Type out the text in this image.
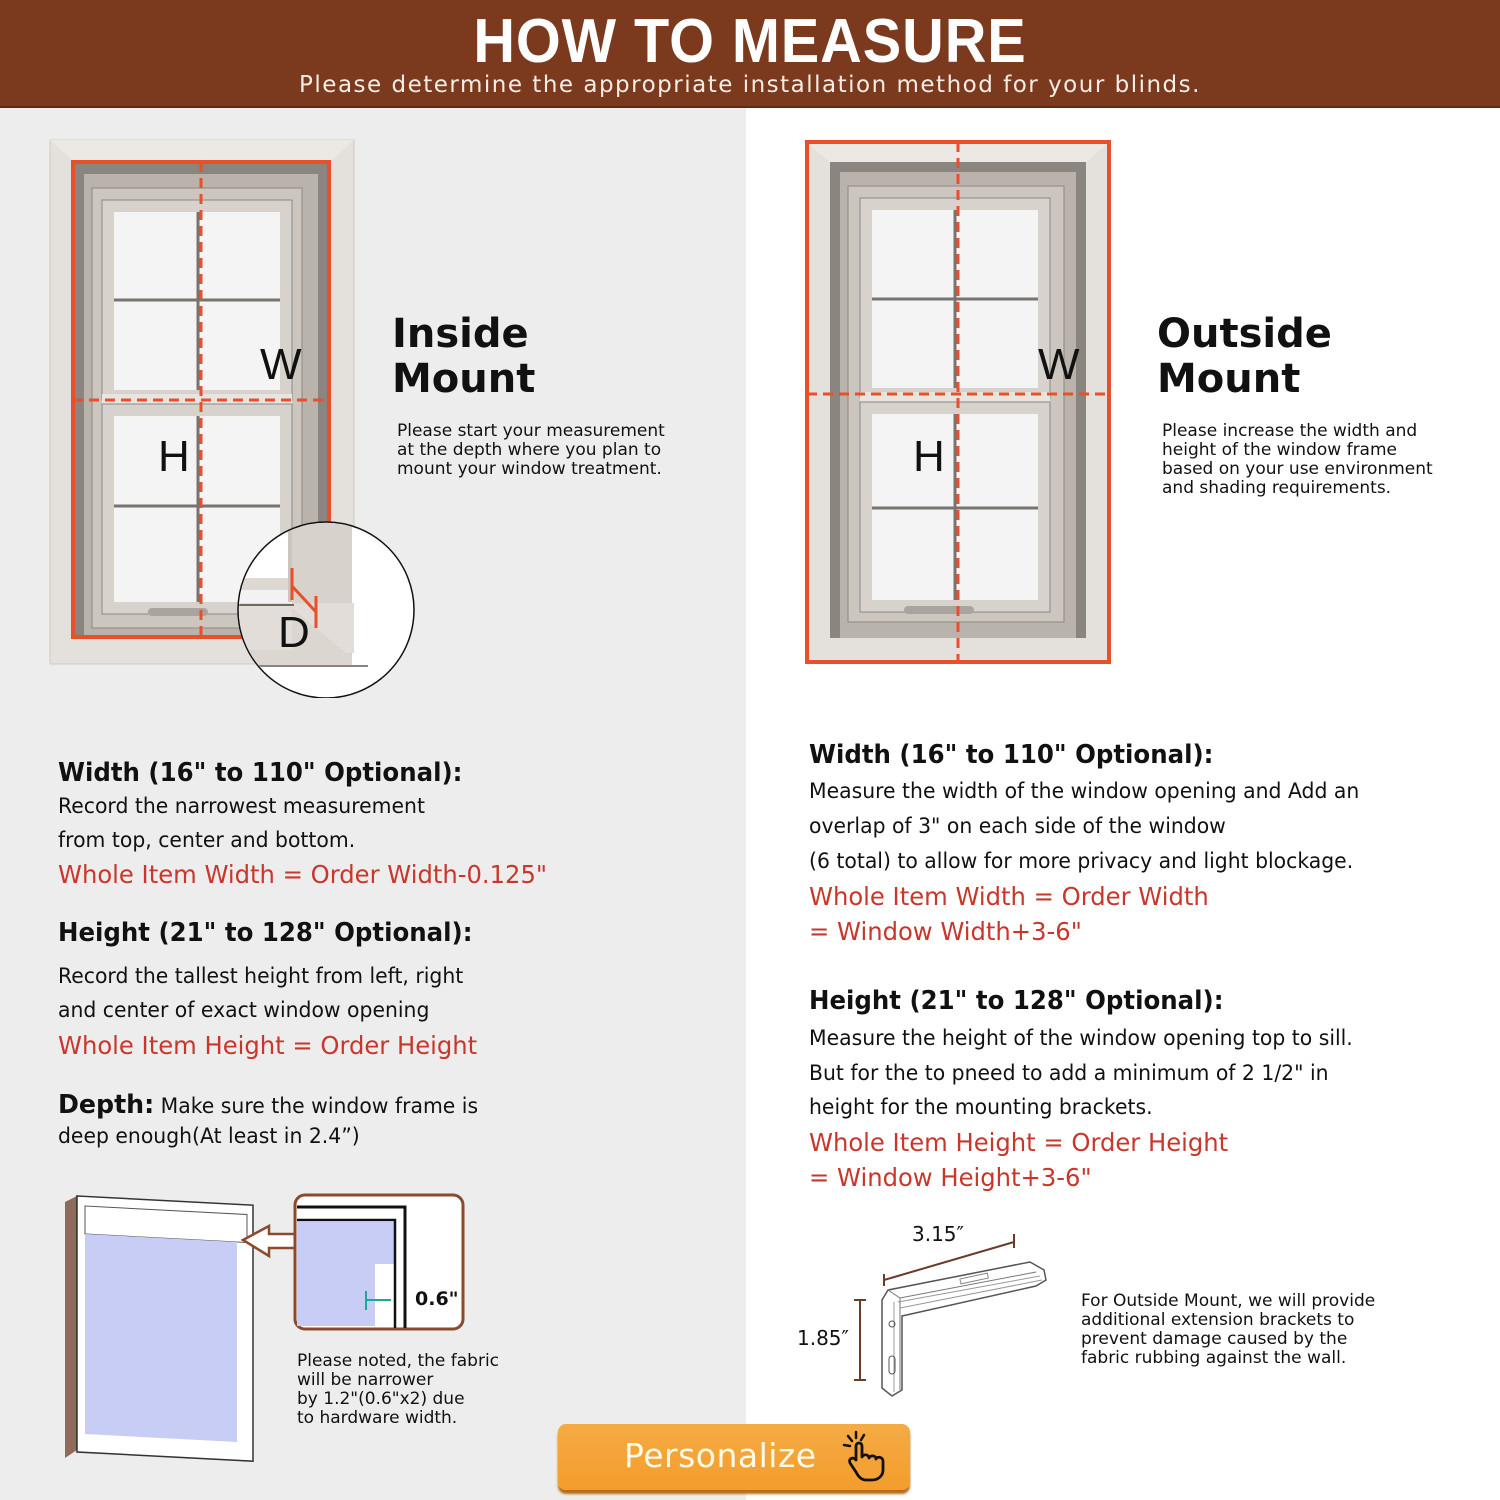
HOW TO MEASURE
Please determine the appropriate installation method for your blinds.
W
H
D
Inside
Mount
Please start your measurement
at the depth where you plan to
mount your window treatment.
W
H
Outside
Mount
Please increase the width and
height of the window frame
based on your use environment
and shading requirements.
Width (16" to 110" Optional):
Record the narrowest measurement
from top, center and bottom.
Whole Item Width = Order Width-0.125"
Height (21" to 128" Optional):
Record the tallest height from left, right
and center of exact window opening
Whole Item Height = Order Height
Depth: Make sure the window frame is
deep enough(At least in 2.4”)
0.6"
Please noted, the fabric
will be narrower
by 1.2"(0.6"x2) due
to hardware width.
Width (16" to 110" Optional):
Measure the width of the window opening and Add an
overlap of 3" on each side of the window
(6 total) to allow for more privacy and light blockage.
Whole Item Width = Order Width
= Window Width+3-6"
Height (21" to 128" Optional):
Measure the height of the window opening top to sill.
But for the to pneed to add a minimum of 2 1/2" in
height for the mounting brackets.
Whole Item Height = Order Height
= Window Height+3-6"
3.15″
1.85″
For Outside Mount, we will provide
additional extension brackets to
prevent damage caused by the
fabric rubbing against the wall.
Personalize
